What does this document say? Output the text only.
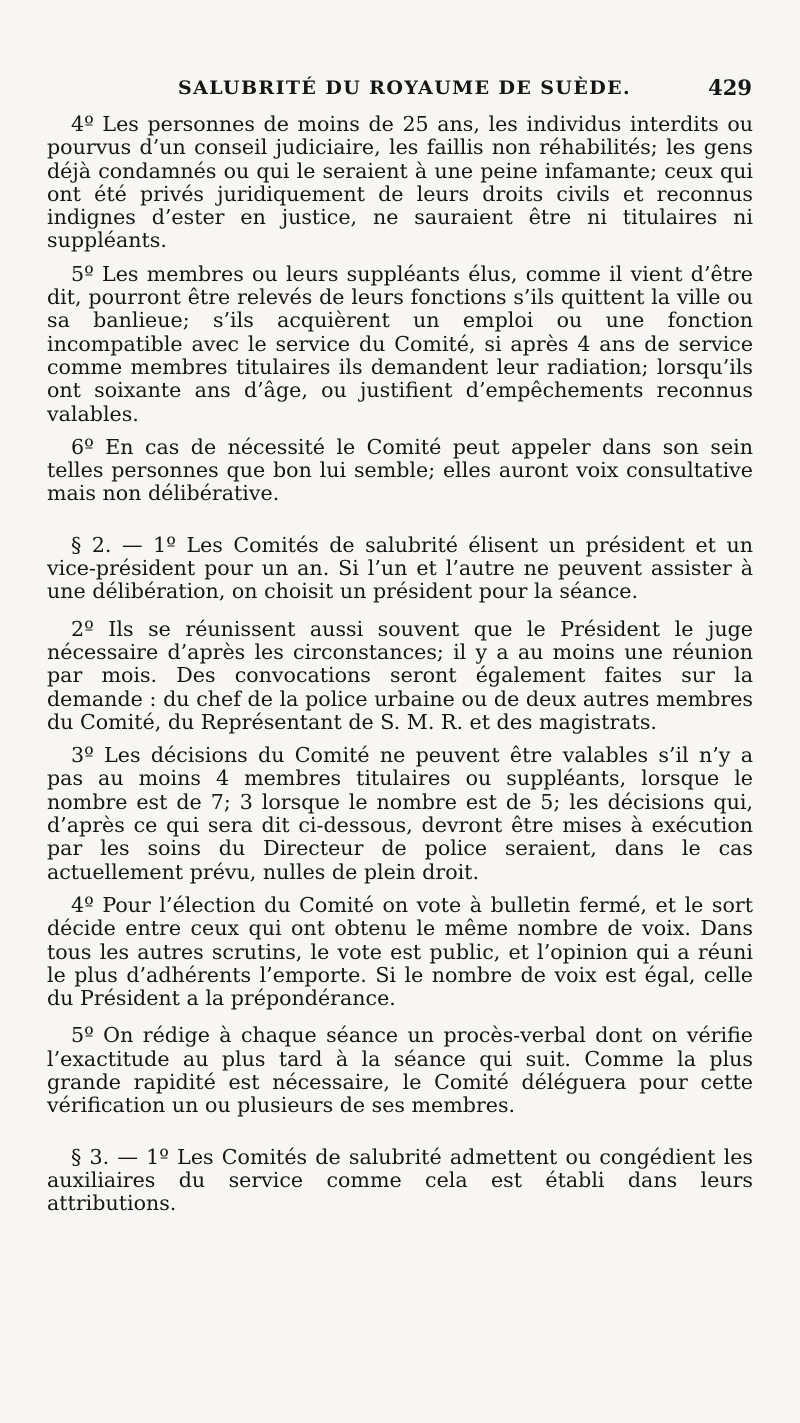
SALUBRITÉ DU ROYAUME DE SUÈDE.	429

4º Les personnes de moins de 25 ans, les individus interdits ou pourvus d’un conseil judiciaire, les faillis non réhabilités; les gens déjà condamnés ou qui le seraient à une peine infamante; ceux qui ont été privés juridiquement de leurs droits civils et reconnus indignes d’ester en justice, ne sauraient être ni titulaires ni suppléants.

5º Les membres ou leurs suppléants élus, comme il vient d’être dit, pourront être relevés de leurs fonctions s’ils quittent la ville ou sa banlieue; s’ils acquièrent un emploi ou une fonction incompatible avec le service du Comité, si après 4 ans de service comme membres titulaires ils demandent leur radiation; lorsqu’ils ont soixante ans d’âge, ou justifient d’empêchements reconnus valables.

6º En cas de nécessité le Comité peut appeler dans son sein telles personnes que bon lui semble; elles auront voix consultative mais non délibérative.

§ 2. — 1º Les Comités de salubrité élisent un président et un vice-président pour un an. Si l’un et l’autre ne peuvent assister à une délibération, on choisit un président pour la séance.

2º Ils se réunissent aussi souvent que le Président le juge nécessaire d’après les circonstances; il y a au moins une réunion par mois. Des convocations seront également faites sur la demande : du chef de la police urbaine ou de deux autres membres du Comité, du Représentant de S. M. R. et des magistrats.

3º Les décisions du Comité ne peuvent être valables s’il n’y a pas au moins 4 membres titulaires ou suppléants, lorsque le nombre est de 7; 3 lorsque le nombre est de 5; les décisions qui, d’après ce qui sera dit ci-dessous, devront être mises à exécution par les soins du Directeur de police seraient, dans le cas actuellement prévu, nulles de plein droit.

4º Pour l’élection du Comité on vote à bulletin fermé, et le sort décide entre ceux qui ont obtenu le même nombre de voix. Dans tous les autres scrutins, le vote est public, et l’opinion qui a réuni le plus d’adhérents l’emporte. Si le nombre de voix est égal, celle du Président a la prépondérance.

5º On rédige à chaque séance un procès-verbal dont on vérifie l’exactitude au plus tard à la séance qui suit. Comme la plus grande rapidité est nécessaire, le Comité déléguera pour cette vérification un ou plusieurs de ses membres.

§ 3. — 1º Les Comités de salubrité admettent ou congédient les auxiliaires du service comme cela est établi dans leurs attributions.
